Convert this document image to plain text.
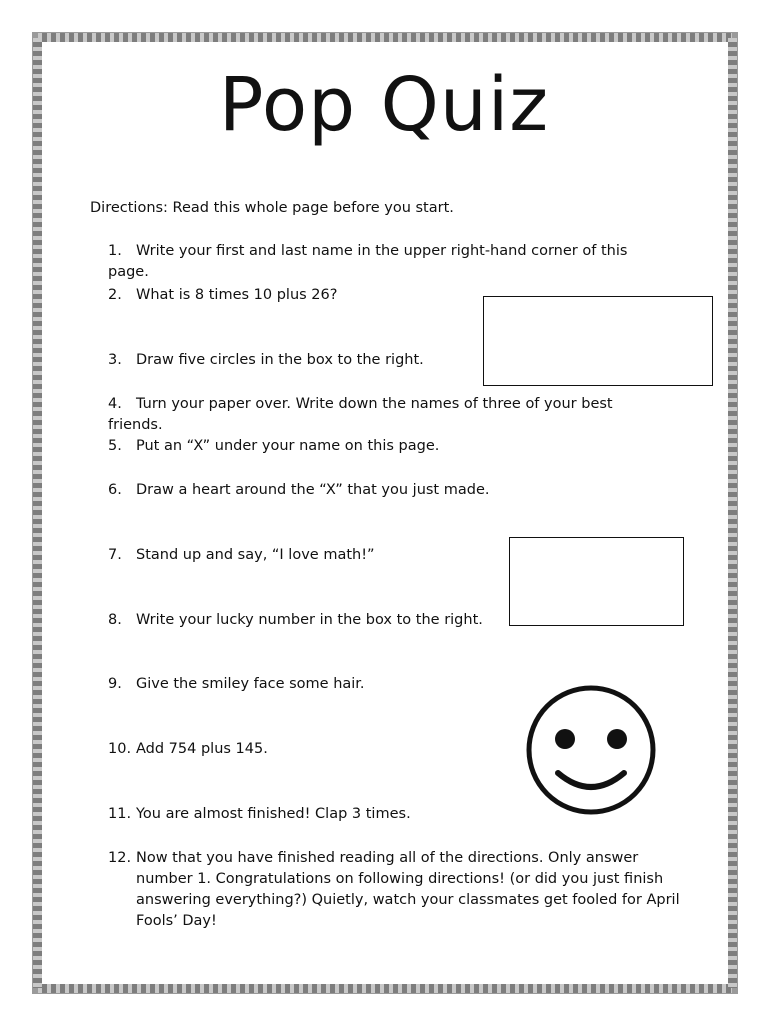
Pop Quiz
Directions: Read this whole page before you start.
1. Write your first and last name in the upper right-hand corner of this page.
2. What is 8 times 10 plus 26?
3. Draw five circles in the box to the right.
4. Turn your paper over. Write down the names of three of your best friends.
5. Put an “X” under your name on this page.
6. Draw a heart around the “X” that you just made.
7. Stand up and say, “I love math!”
8. Write your lucky number in the box to the right.
9. Give the smiley face some hair.
10. Add 754 plus 145.
11. You are almost finished! Clap 3 times.
12. Now that you have finished reading all of the directions. Only answer number 1. Congratulations on following directions! (or did you just finish answering everything?) Quietly, watch your classmates get fooled for April Fools’ Day!
